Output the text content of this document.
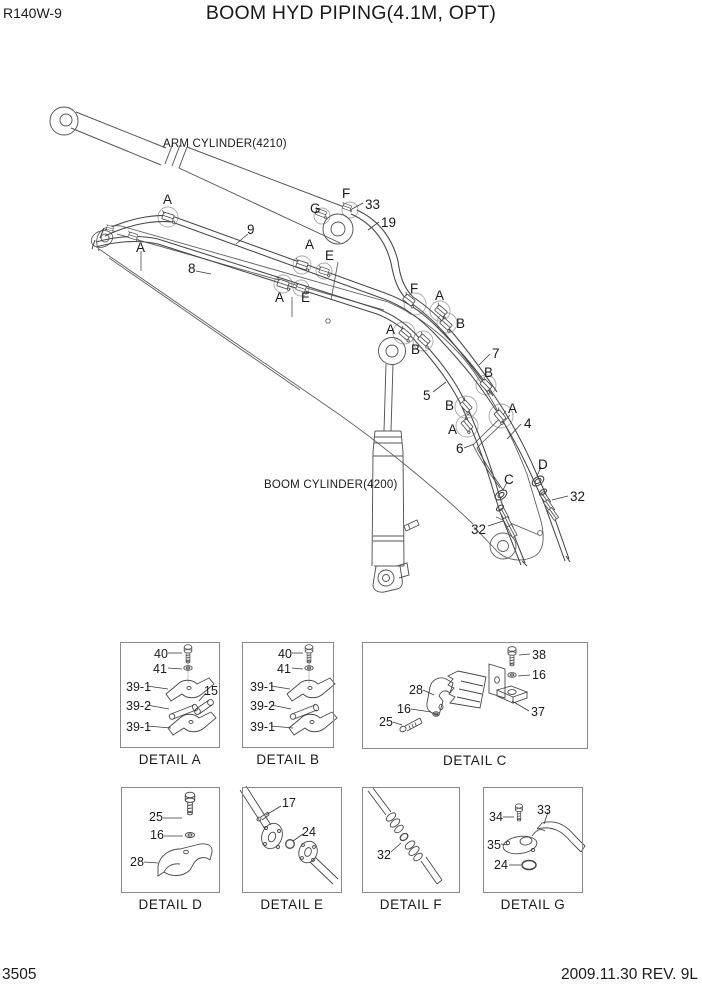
R140W-9	BOOM HYD PIPING(4.1M, OPT)
ARM CYLINDER(4210)
BOOM CYLINDER(4200)
A
9
A
8
A
E
A E
G
F
33
19
F A
B
A
B	7
B
5
B	A
A	4
6
D
C
32
32
DETAIL A
40
41
39-1	15
39-2
39-1
DETAIL B
40
41
39-1
39-2
39-1
DETAIL C
38
16
28
16
25
37
DETAIL D
25
16
28
DETAIL E
17
24
DETAIL F
32
DETAIL G
34	33
35
24
3505	2009.11.30 REV. 9L
